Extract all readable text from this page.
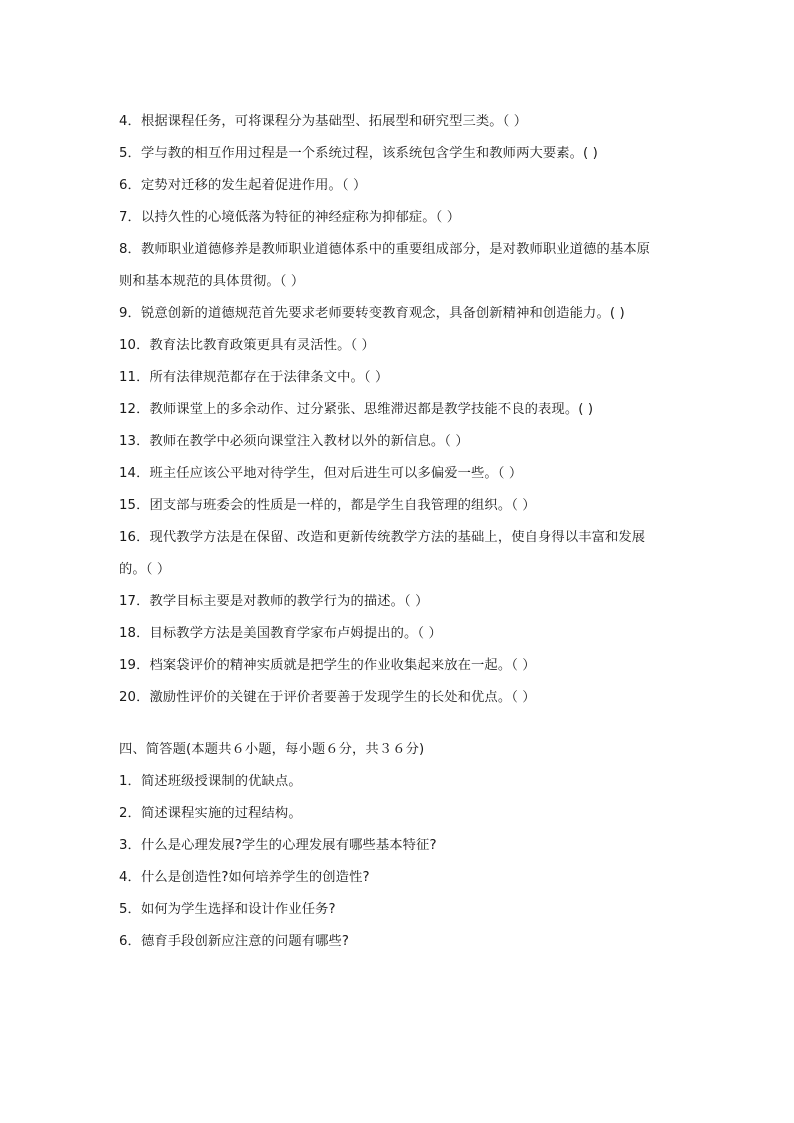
4．根据课程任务，可将课程分为基础型、拓展型和研究型三类。（ ）
5．学与教的相互作用过程是一个系统过程，该系统包含学生和教师两大要素。( )
6．定势对迁移的发生起着促进作用。（ ）
7．以持久性的心境低落为特征的神经症称为抑郁症。（ ）
8．教师职业道德修养是教师职业道德体系中的重要组成部分，是对教师职业道德的基本原
则和基本规范的具体贯彻。（ ）
9．锐意创新的道德规范首先要求老师要转变教育观念，具备创新精神和创造能力。( )
10．教育法比教育政策更具有灵活性。（ ）
11．所有法律规范都存在于法律条文中。（ ）
12．教师课堂上的多余动作、过分紧张、思维滞迟都是教学技能不良的表现。( )
13．教师在教学中必须向课堂注入教材以外的新信息。（ ）
14．班主任应该公平地对待学生，但对后进生可以多偏爱一些。（ ）
15．团支部与班委会的性质是一样的，都是学生自我管理的组织。（ ）
16．现代教学方法是在保留、改造和更新传统教学方法的基础上，使自身得以丰富和发展
的。（ ）
17．教学目标主要是对教师的教学行为的描述。（ ）
18．目标教学方法是美国教育学家布卢姆提出的。（ ）
19．档案袋评价的精神实质就是把学生的作业收集起来放在一起。（ ）
20．激励性评价的关键在于评价者要善于发现学生的长处和优点。（ ）
四、简答题(本题共６小题，每小题６分，共３６分)
1．简述班级授课制的优缺点。
2．简述课程实施的过程结构。
3．什么是心理发展?学生的心理发展有哪些基本特征?
4．什么是创造性?如何培养学生的创造性?
5．如何为学生选择和设计作业任务?
6．德育手段创新应注意的问题有哪些?
